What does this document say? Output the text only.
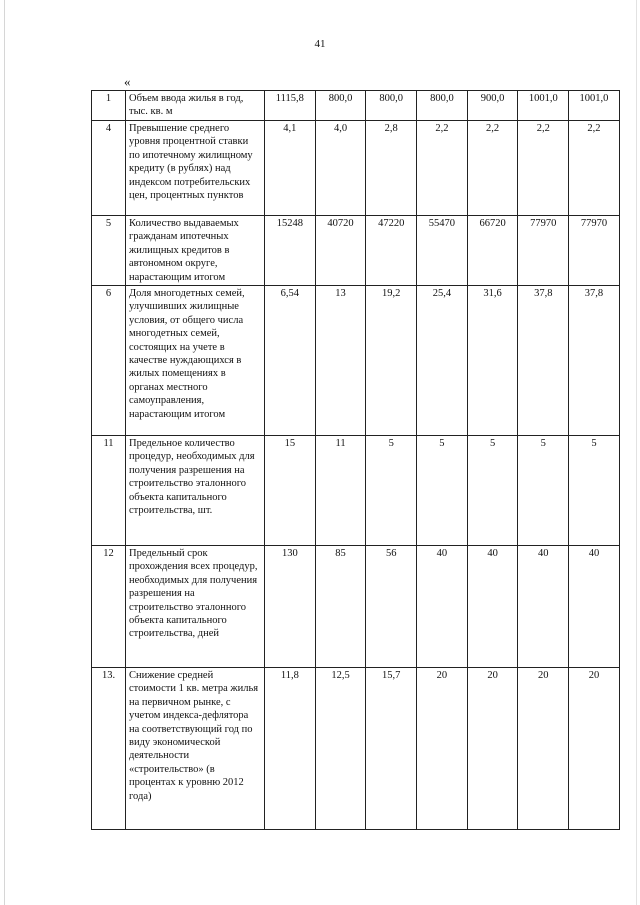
41
«
1	Объем ввода жилья в год, тыс. кв. м	1115,8	800,0	800,0	800,0	900,0	1001,0	1001,0
4	Превышение среднего уровня процентной ставки по ипотечному жилищному кредиту (в рублях) над индексом потребительских цен, процентных пунктов	4,1	4,0	2,8	2,2	2,2	2,2	2,2
5	Количество выдаваемых гражданам ипотечных жилищных кредитов в автономном округе, нарастающим итогом	15248	40720	47220	55470	66720	77970	77970
6	Доля многодетных семей, улучшивших жилищные условия, от общего числа многодетных семей, состоящих на учете в качестве нуждающихся в жилых помещениях в органах местного самоуправления, нарастающим итогом	6,54	13	19,2	25,4	31,6	37,8	37,8
11	Предельное количество процедур, необходимых для получения разрешения на строительство эталонного объекта капитального строительства, шт.	15	11	5	5	5	5	5
12	Предельный срок прохождения всех процедур, необходимых для получения разрешения на строительство эталонного объекта капитального строительства, дней	130	85	56	40	40	40	40
13.	Снижение средней стоимости 1 кв. метра жилья на первичном рынке, с учетом индекса-дефлятора на соответствующий год по виду экономической деятельности «строительство» (в процентах к уровню 2012 года)	11,8	12,5	15,7	20	20	20	20
